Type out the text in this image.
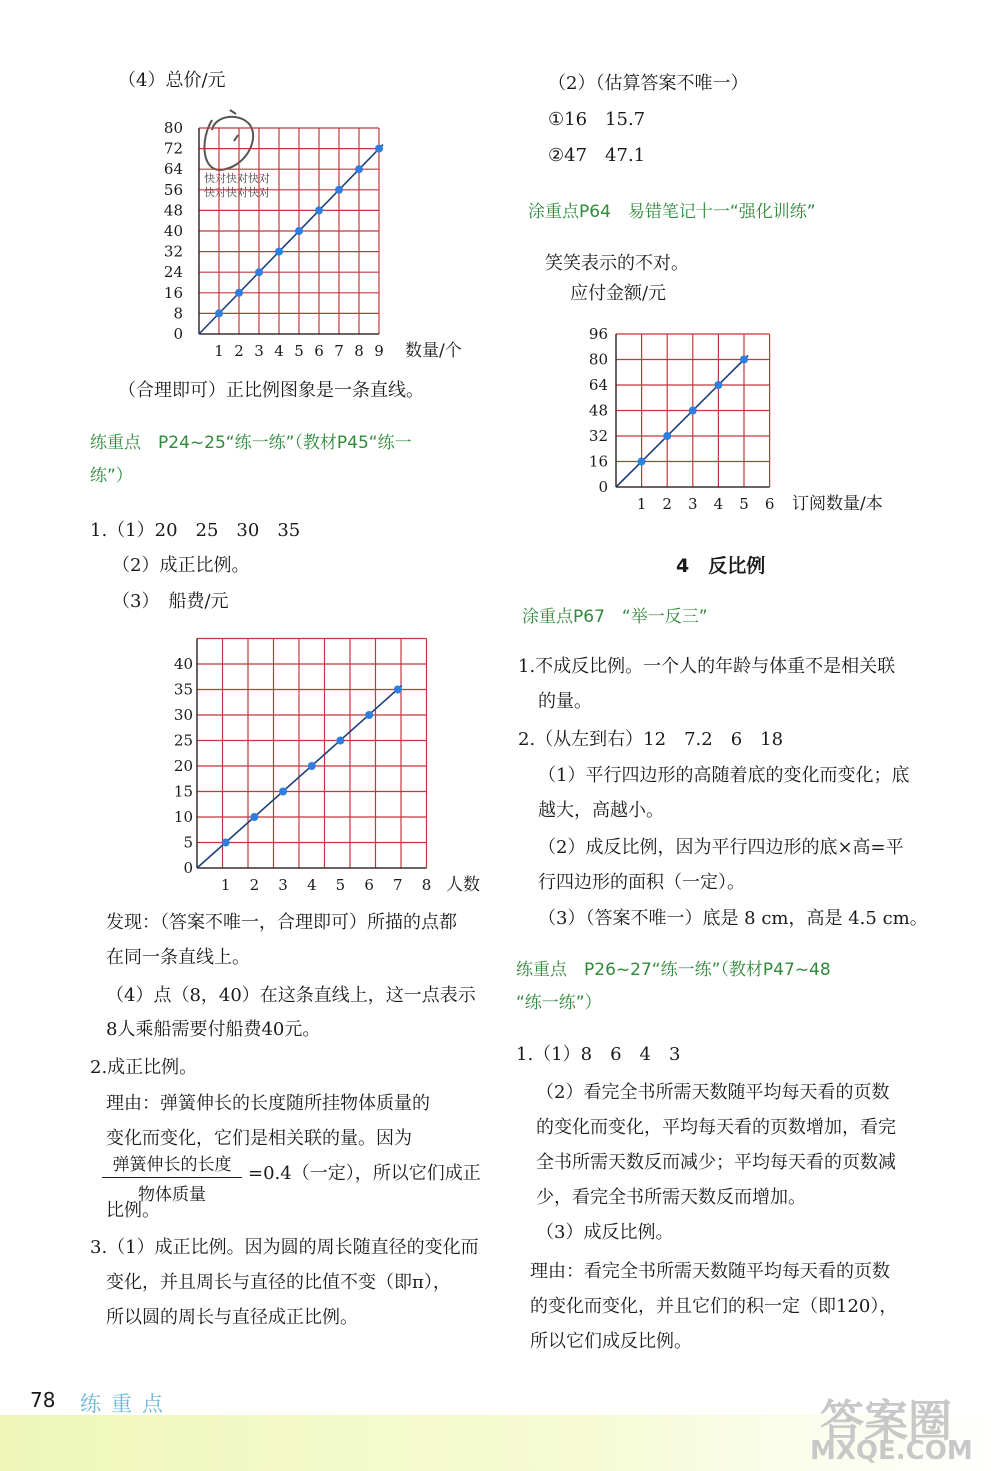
（4）总价/元
快对快对快对
快对快对快对
（合理即可）正比例图象是一条直线。
练重点　P24~25“练一练”（教材P45“练一
练”）
1.（1）20　25　30　35
（2）成正比例。
（3）　船费/元
发现：（答案不唯一，合理即可）所描的点都
在同一条直线上。
（4）点（8，40）在这条直线上，这一点表示
8人乘船需要付船费40元。
2.成正比例。
理由：弹簧伸长的长度随所挂物体质量的
变化而变化，它们是相关联的量。因为
弹簧伸长的长度
物体质量
=0.4（一定），所以它们成正
比例。
3.（1）成正比例。因为圆的周长随直径的变化而
变化，并且周长与直径的比值不变（即π），
所以圆的周长与直径成正比例。
（2）（估算答案不唯一）
①16　15.7
②47　47.1
涂重点P64　易错笔记十一“强化训练”
笑笑表示的不对。
应付金额/元
4　反比例
涂重点P67　“举一反三”
1.不成反比例。一个人的年龄与体重不是相关联
的量。
2.（从左到右）12　7.2　6　18
（1）平行四边形的高随着底的变化而变化；底
越大，高越小。
（2）成反比例，因为平行四边形的底×高=平
行四边形的面积（一定）。
（3）（答案不唯一）底是 8 cm，高是 4.5 cm。
练重点　P26~27“练一练”（教材P47~48
“练一练”）
1.（1）8　6　4　3
（2）看完全书所需天数随平均每天看的页数
的变化而变化，平均每天看的页数增加，看完
全书所需天数反而减少；平均每天看的页数减
少，看完全书所需天数反而增加。
（3）成反比例。
理由：看完全书所需天数随平均每天看的页数
的变化而变化，并且它们的积一定（即120），
所以它们成反比例。
0
8
16
24
32
40
48
56
64
72
80
1 2 3 4 5 6 7 8 9 数量/个
0
5
10
15
20
25
30
35
40
1 2 3 4 5 6 7 8 人数
0
16
32
48
64
80
96
1 2 3 4 5 6 订阅数量/本
78 练重点	答案圈
MXQE.COM
